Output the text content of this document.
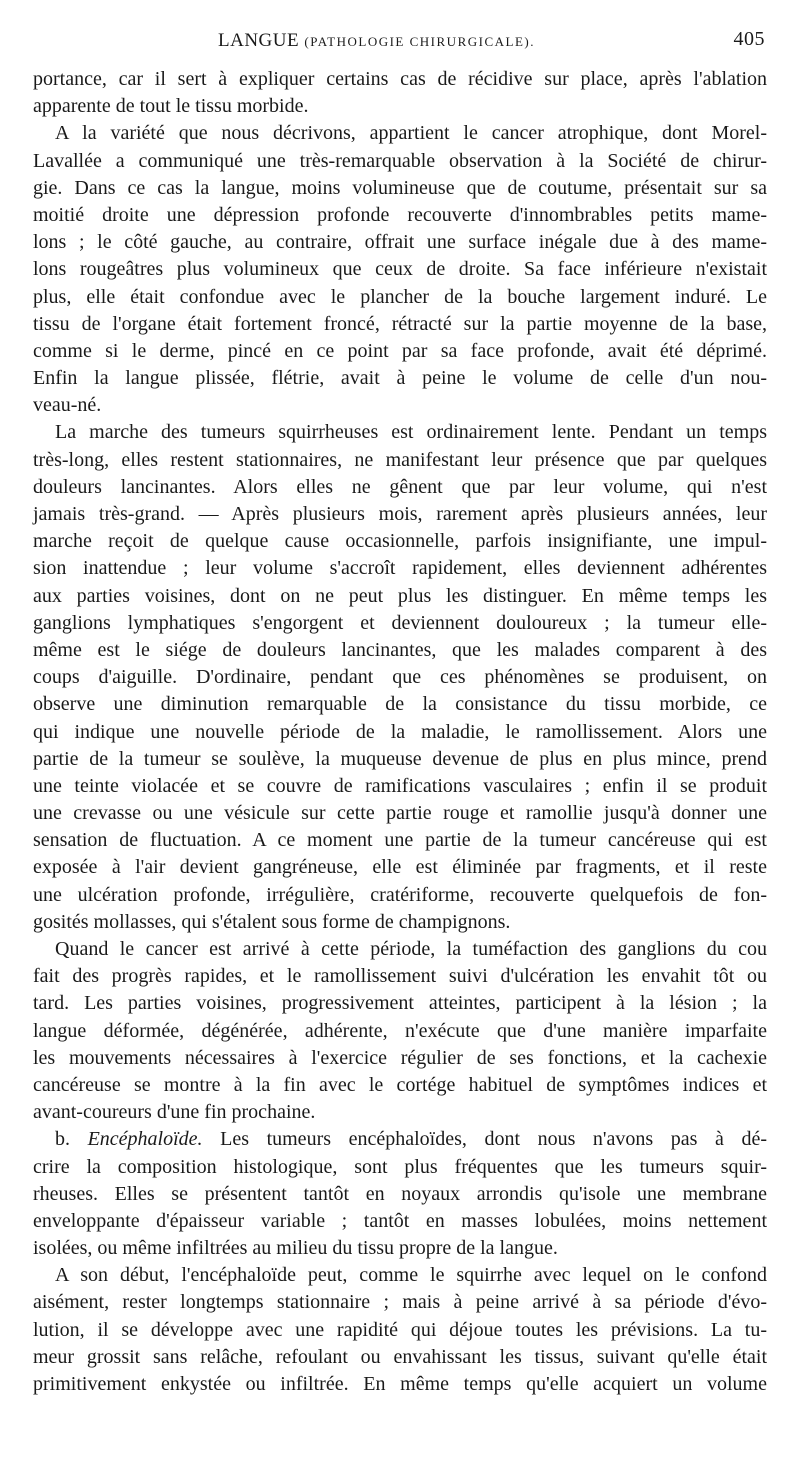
LANGUE (PATHOLOGIE CHIRURGICALE).	405
portance, car il sert à expliquer certains cas de récidive sur place, après l'ablation
apparente de tout le tissu morbide.
A la variété que nous décrivons, appartient le cancer atrophique, dont Morel-
Lavallée a communiqué une très-remarquable observation à la Société de chirur-
gie. Dans ce cas la langue, moins volumineuse que de coutume, présentait sur sa
moitié droite une dépression profonde recouverte d'innombrables petits mame-
lons ; le côté gauche, au contraire, offrait une surface inégale due à des mame-
lons rougeâtres plus volumineux que ceux de droite. Sa face inférieure n'existait
plus, elle était confondue avec le plancher de la bouche largement induré. Le
tissu de l'organe était fortement froncé, rétracté sur la partie moyenne de la base,
comme si le derme, pincé en ce point par sa face profonde, avait été déprimé.
Enfin la langue plissée, flétrie, avait à peine le volume de celle d'un nou-
veau-né.
La marche des tumeurs squirrheuses est ordinairement lente. Pendant un temps
très-long, elles restent stationnaires, ne manifestant leur présence que par quelques
douleurs lancinantes. Alors elles ne gênent que par leur volume, qui n'est
jamais très-grand. — Après plusieurs mois, rarement après plusieurs années, leur
marche reçoit de quelque cause occasionnelle, parfois insignifiante, une impul-
sion inattendue ; leur volume s'accroît rapidement, elles deviennent adhérentes
aux parties voisines, dont on ne peut plus les distinguer. En même temps les
ganglions lymphatiques s'engorgent et deviennent douloureux ; la tumeur elle-
même est le siége de douleurs lancinantes, que les malades comparent à des
coups d'aiguille. D'ordinaire, pendant que ces phénomènes se produisent, on
observe une diminution remarquable de la consistance du tissu morbide, ce
qui indique une nouvelle période de la maladie, le ramollissement. Alors une
partie de la tumeur se soulève, la muqueuse devenue de plus en plus mince, prend
une teinte violacée et se couvre de ramifications vasculaires ; enfin il se produit
une crevasse ou une vésicule sur cette partie rouge et ramollie jusqu'à donner une
sensation de fluctuation. A ce moment une partie de la tumeur cancéreuse qui est
exposée à l'air devient gangréneuse, elle est éliminée par fragments, et il reste
une ulcération profonde, irrégulière, cratériforme, recouverte quelquefois de fon-
gosités mollasses, qui s'étalent sous forme de champignons.
Quand le cancer est arrivé à cette période, la tuméfaction des ganglions du cou
fait des progrès rapides, et le ramollissement suivi d'ulcération les envahit tôt ou
tard. Les parties voisines, progressivement atteintes, participent à la lésion ; la
langue déformée, dégénérée, adhérente, n'exécute que d'une manière imparfaite
les mouvements nécessaires à l'exercice régulier de ses fonctions, et la cachexie
cancéreuse se montre à la fin avec le cortége habituel de symptômes indices et
avant-coureurs d'une fin prochaine.
b. Encéphaloïde. Les tumeurs encéphaloïdes, dont nous n'avons pas à dé-
crire la composition histologique, sont plus fréquentes que les tumeurs squir-
rheuses. Elles se présentent tantôt en noyaux arrondis qu'isole une membrane
enveloppante d'épaisseur variable ; tantôt en masses lobulées, moins nettement
isolées, ou même infiltrées au milieu du tissu propre de la langue.
A son début, l'encéphaloïde peut, comme le squirrhe avec lequel on le confond
aisément, rester longtemps stationnaire ; mais à peine arrivé à sa période d'évo-
lution, il se développe avec une rapidité qui déjoue toutes les prévisions. La tu-
meur grossit sans relâche, refoulant ou envahissant les tissus, suivant qu'elle était
primitivement enkystée ou infiltrée. En même temps qu'elle acquiert un volume
